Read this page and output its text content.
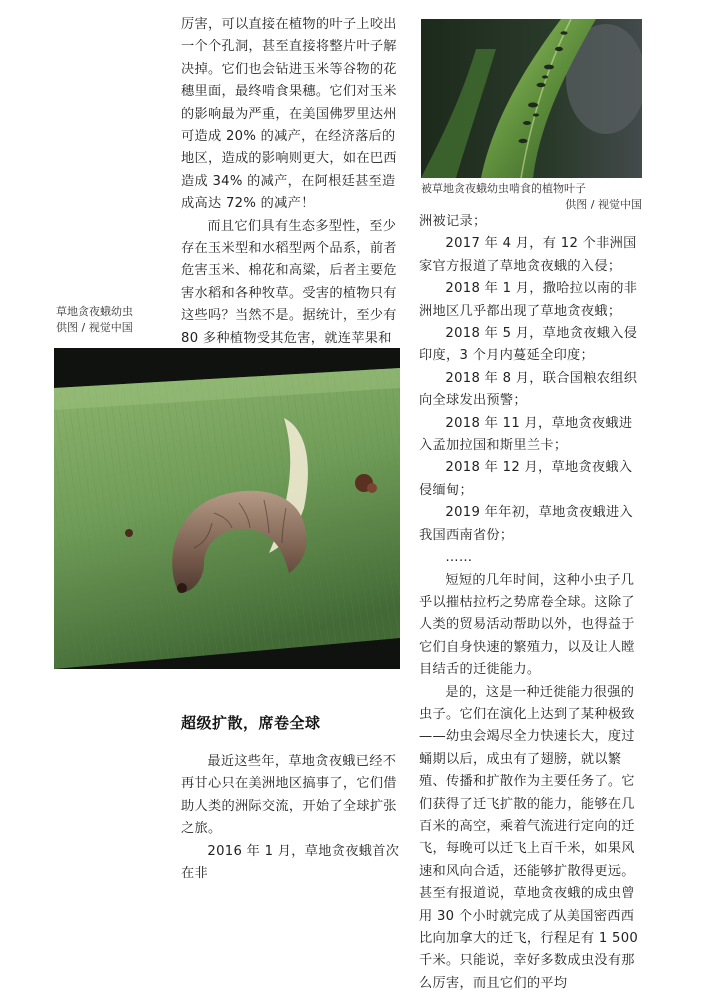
厉害，可以直接在植物的叶子上咬出一个个孔洞，甚至直接将整片叶子解决掉。它们也会钻进玉米等谷物的花穗里面，最终啃食果穗。它们对玉米的影响最为严重，在美国佛罗里达州可造成 20% 的减产，在经济落后的地区，造成的影响则更大，如在巴西造成 34% 的减产，在阿根廷甚至造成高达 72% 的减产！

而且它们具有生态多型性，至少存在玉米型和水稻型两个品系，前者危害玉米、棉花和高粱，后者主要危害水稻和各种牧草。受害的植物只有这些吗？当然不是。据统计，至少有 80 多种植物受其危害，就连苹果和

草地贪夜蛾幼虫
供图 / 视觉中国
被草地贪夜蛾幼虫啃食的植物叶子
供图 / 视觉中国
超级扩散，席卷全球

最近这些年，草地贪夜蛾已经不再甘心只在美洲地区搞事了，它们借助人类的洲际交流，开始了全球扩张之旅。

2016 年 1 月，草地贪夜蛾首次在非

洲被记录；

2017 年 4 月，有 12 个非洲国家官方报道了草地贪夜蛾的入侵；

2018 年 1 月，撒哈拉以南的非洲地区几乎都出现了草地贪夜蛾；

2018 年 5 月，草地贪夜蛾入侵印度，3 个月内蔓延全印度；

2018 年 8 月，联合国粮农组织向全球发出预警；

2018 年 11 月，草地贪夜蛾进入孟加拉国和斯里兰卡；

2018 年 12 月，草地贪夜蛾入侵缅甸；

2019 年年初，草地贪夜蛾进入我国西南省份；

……

短短的几年时间，这种小虫子几乎以摧枯拉朽之势席卷全球。这除了人类的贸易活动帮助以外，也得益于它们自身快速的繁殖力，以及让人瞠目结舌的迁徙能力。

是的，这是一种迁徙能力很强的虫子。它们在演化上达到了某种极致——幼虫会竭尽全力快速长大，度过蛹期以后，成虫有了翅膀，就以繁殖、传播和扩散作为主要任务了。它们获得了迁飞扩散的能力，能够在几百米的高空，乘着气流进行定向的迁飞，每晚可以迁飞上百千米，如果风速和风向合适，还能够扩散得更远。甚至有报道说，草地贪夜蛾的成虫曾用 30 个小时就完成了从美国密西西比向加拿大的迁飞，行程足有 1 500 千米。只能说，幸好多数成虫没有那么厉害，而且它们的平均
